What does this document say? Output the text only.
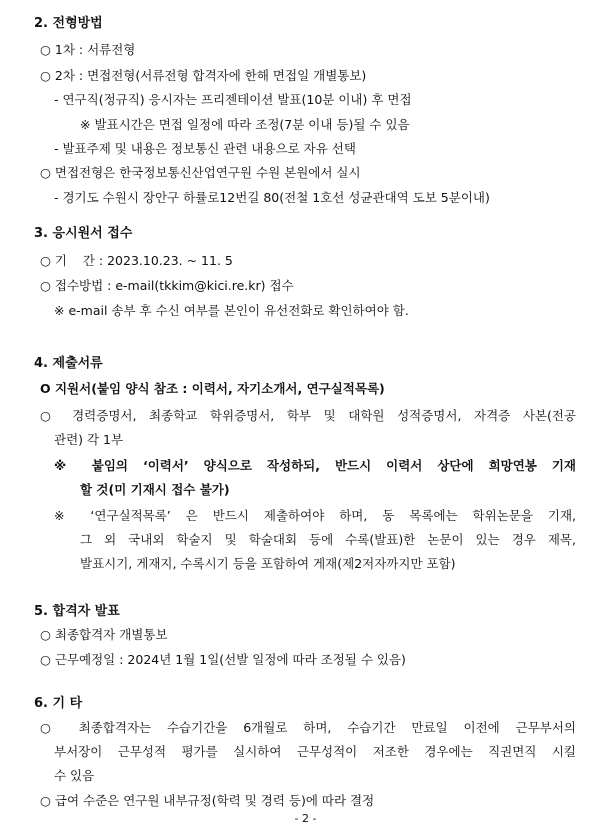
2. 전형방법
○ 1차 : 서류전형
○ 2차 : 면접전형(서류전형 합격자에 한해 면접일 개별통보)
- 연구직(정규직) 응시자는 프리젠테이션 발표(10분 이내) 후 면접
※ 발표시간은 면접 일정에 따라 조정(7분 이내 등)될 수 있음
- 발표주제 및 내용은 정보통신 관련 내용으로 자유 선택
○ 면접전형은 한국정보통신산업연구원 수원 본원에서 실시
- 경기도 수원시 장안구 하률로12번길 80(전철 1호선 성균관대역 도보 5분이내)
3. 응시원서 접수
○ 기    간 : 2023.10.23. ~ 11. 5
○ 접수방법 : e-mail(tkkim@kici.re.kr) 접수
※ e-mail 송부 후 수신 여부를 본인이 유선전화로 확인하여야 함.
4. 제출서류
O 지원서(붙임 양식 참조 : 이력서, 자기소개서, 연구실적목록)
○ 경력증명서, 최종학교 학위증명서, 학부 및 대학원 성적증명서, 자격증 사본(전공
관련) 각 1부
※ 붙임의 ‘이력서’ 양식으로 작성하되, 반드시 이력서 상단에 희망연봉 기재
할 것(미 기재시 접수 불가)
※ ‘연구실적목록’ 은 반드시 제출하여야 하며, 동 목록에는 학위논문을 기재,
그 외 국내외 학술지 및 학술대회 등에 수록(발표)한 논문이 있는 경우 제목,
발표시기, 게재지, 수록시기 등을 포함하여 게재(제2저자까지만 포함)
5. 합격자 발표
○ 최종합격자 개별통보
○ 근무예정일 : 2024년 1월 1일(선발 일정에 따라 조정될 수 있음)
6. 기 타
○ 최종합격자는 수습기간을 6개월로 하며, 수습기간 만료일 이전에 근무부서의
부서장이 근무성적 평가를 실시하여 근무성적이 저조한 경우에는 직권면직 시킬
수 있음
○ 급여 수준은 연구원 내부규정(학력 및 경력 등)에 따라 결정
- 2 -
